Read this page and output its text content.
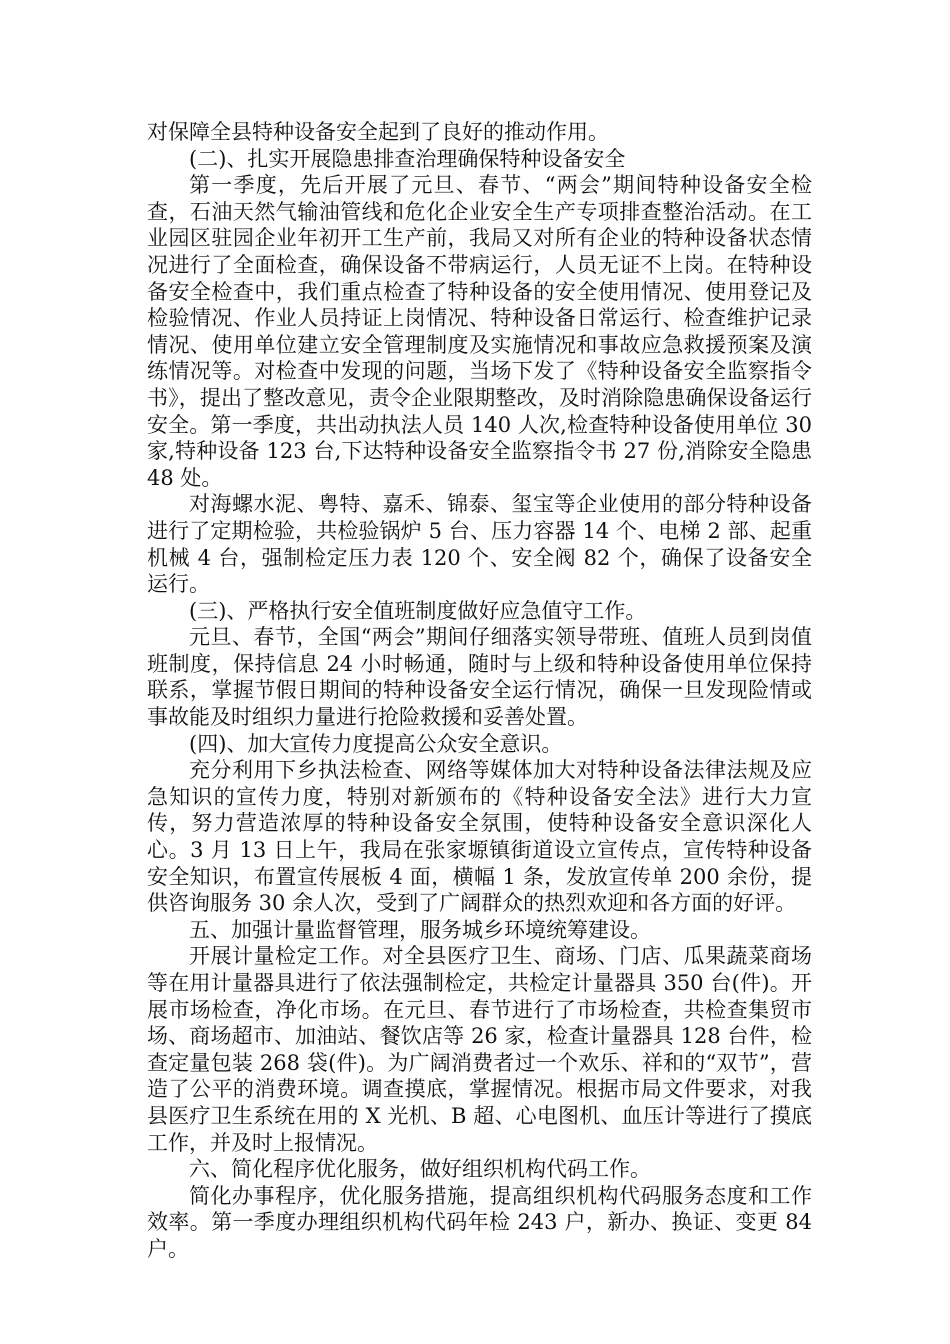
对保障全县特种设备安全起到了良好的推动作用。

(二)、扎实开展隐患排查治理确保特种设备安全

第一季度，先后开展了元旦、春节、“两会”期间特种设备安全检查，石油天然气输油管线和危化企业安全生产专项排查整治活动。在工业园区驻园企业年初开工生产前，我局又对所有企业的特种设备状态情况进行了全面检查，确保设备不带病运行，人员无证不上岗。在特种设备安全检查中，我们重点检查了特种设备的安全使用情况、使用登记及检验情况、作业人员持证上岗情况、特种设备日常运行、检查维护记录情况、使用单位建立安全管理制度及实施情况和事故应急救援预案及演练情况等。对检查中发现的问题，当场下发了《特种设备安全监察指令书》，提出了整改意见，责令企业限期整改，及时消除隐患确保设备运行安全。第一季度，共出动执法人员 140 人次,检查特种设备使用单位 30 家,特种设备 123 台,下达特种设备安全监察指令书 27 份,消除安全隐患 48 处。

对海螺水泥、粤特、嘉禾、锦泰、玺宝等企业使用的部分特种设备进行了定期检验，共检验锅炉 5 台、压力容器 14 个、电梯 2 部、起重机械 4 台，强制检定压力表 120 个、安全阀 82 个，确保了设备安全运行。

(三)、严格执行安全值班制度做好应急值守工作。

元旦、春节，全国“两会”期间仔细落实领导带班、值班人员到岗值班制度，保持信息 24 小时畅通，随时与上级和特种设备使用单位保持联系，掌握节假日期间的特种设备安全运行情况，确保一旦发现险情或事故能及时组织力量进行抢险救援和妥善处置。

(四)、加大宣传力度提高公众安全意识。

充分利用下乡执法检查、网络等媒体加大对特种设备法律法规及应急知识的宣传力度，特别对新颁布的《特种设备安全法》进行大力宣传，努力营造浓厚的特种设备安全氛围，使特种设备安全意识深化人心。3 月 13 日上午，我局在张家塬镇街道设立宣传点，宣传特种设备安全知识，布置宣传展板 4 面，横幅 1 条，发放宣传单 200 余份，提供咨询服务 30 余人次，受到了广阔群众的热烈欢迎和各方面的好评。

五、加强计量监督管理，服务城乡环境统筹建设。

开展计量检定工作。对全县医疗卫生、商场、门店、瓜果蔬菜商场等在用计量器具进行了依法强制检定，共检定计量器具 350 台(件)。开展市场检查，净化市场。在元旦、春节进行了市场检查，共检查集贸市场、商场超市、加油站、餐饮店等 26 家，检查计量器具 128 台件，检查定量包装 268 袋(件)。为广阔消费者过一个欢乐、祥和的“双节”，营造了公平的消费环境。调查摸底，掌握情况。根据市局文件要求，对我县医疗卫生系统在用的 X 光机、B 超、心电图机、血压计等进行了摸底工作，并及时上报情况。

六、简化程序优化服务，做好组织机构代码工作。

简化办事程序，优化服务措施，提高组织机构代码服务态度和工作效率。第一季度办理组织机构代码年检 243 户，新办、换证、变更 84 户。
